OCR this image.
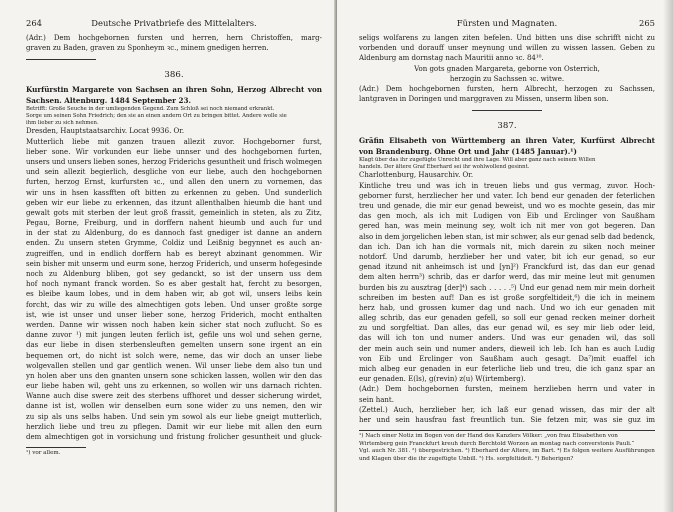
264	Deutsche Privatbriefe des Mittelalters.
(Adr.) Dem hochgebornen fursten und herren, hern Christoffen, marg-
graven zu Baden, graven zu Sponheym ꝛc., minem gnedigen herren.
386.
Kurfürstin Margarete von Sachsen an ihren Sohn, Herzog Albrecht von
Sachsen. Altenburg. 1484 September 23.
Betrifft: Große Seuche in der umliegenden Gegend. Zum Schloß sei noch niemand erkrankt.
Sorge um seinen Sohn Friedrich; den sie an einen andern Ort zu bringen bittet. Andere wolle sie
ihm lieber zu sich nehmen.
Dresden, Hauptstaatsarchiv. Locat 9936. Or.
Mutterlich liebe mit ganzen trauen allezit zuvor. Hochgeborner furst,
lieber sone. Wir vorkunden eur liebe unnser und des hochgebornen furten,
unsers und unsers lieben sones, herzog Friderichs gesuntheit und frisch wolmegen
und sein allezit begierlich, desgliche von eur liebe, auch den hochgebornen
furten, herzog Ernst, kurfursten ꝛc., und allen den unern zu vornemen, das
wir uns in hsen kassfften oft bitten zu erkennen zu geben. Und sunderlich
geben wir eur liebe zu erkennen, das itzunt allenthalben hieumb die hant und
gewalt gots mit sterben der leut groß frassit, gemeinlich in steten, als zu Zitz,
Pegau, Borne, Freiburg, und in dorffern nahent hieumb und auch fur und
in der stat zu Aldenburg, do es dannoch fast gnediger ist danne an andern
enden. Zu unsern steten Grymme, Coldiz und Leißnig begynnet es auch an-
zugreiffen, und in endlich dorffern hab es bereyt abzinant genommen. Wir
sein bisher mit unserm und eurm sone, herzog Friderich, und unserm hofegesinde
noch zu Aldenburg bliben, got sey gedanckt, so ist der unsern uss dem
hof noch nymant franck worden. So es aber gestalt hat, fercht zu besorgen,
es bleibe kaum lobes, und in dem haben wir, ab got wil, unsers leibs kein
forcht, das wir zu wille des almechtigen gots leben. Und unser großte sorge
ist, wie ist unser und unser lieber sone, herzog Friderich, mocht enthalten
werden. Danne wir wissen noch haben kein sicher stat noch zuflucht. So es
danne zuvor ¹) mit jungen leuten ferlich ist, gefile uns wol und sehen gerne,
das eur liebe in disen sterbensleuften gemelten unsern sone irgent an ein
bequemen ort, do nicht ist solch were, neme, das wir doch an unser liebe
wolgevallen stellen und gar gentlich wenen. Wil unser liebe dem also tun und
yn holen aber uns den gnanten unsern sone schicken lassen, wollen wir den das
eur liebe haben wil, geht uns zu erkennen, so wollen wir uns darnach richten.
Wanne auch dise swere zeit des sterbens uffhoret und desser sicherung wirdet,
danne ist ist, wollen wir denselben eurn sone wider zu uns nemen, den wir
zu sip als uns selbs haben. Und sein ym sowol als eur liebe gneigt mutterlich,
herzlich liebe und treu zu pflegen. Damit wir eur liebe mit allen den eurn
dem almechtigen got in vorsichung und fristung frolicher gesuntheit und gluck-
¹) vor allem.
Fürsten und Magnaten.	265
seligs wolfarens zu langen ziten befelen. Und bitten uns dise schrifft nicht zu
vorbenden und dorauff unser meynung und willen zu wissen lassen. Geben zu
Aldenburg am dornstag nach Mauritii anno ꝛc. 84¹⁰.
Von gots gnaden Margareta, geborne von Osterrich,
herzogin zu Sachssen ꝛc. witwe.
(Adr.) Dem hochgebornen fursten, hern Albrecht, herzogen zu Sachssen,
lantgraven in Doringen und marggraven zu Missen, unserm liben son.
387.
Gräfin Elisabeth von Württemberg an ihren Vater, Kurfürst Albrecht
von Brandenburg. Ohne Ort und Jahr (1485 Januar).¹)
Klagt über das ihr zugefügte Unrecht und ihre Lage. Will aber ganz nach seinem Willen
handeln. Der ältere Graf Eberhard sei ihr wohlwollend gesinnt.
Charlottenburg, Hausarchiv. Or.
Kintliche treu und was ich in treuen liebs und gus vermag, zuvor. Hoch-
geborner furst, herzliecher her und vater. Ich bend eur genaden der feterlichen
treu und genade, die mir eur genad beweist, und wo es mochte gesein, das mir
das gen moch, als ich mit Ludigen von Eib und Erclinger von Saußham
gered han, was mein meinung sey, wolt ich nit mer von got begeren. Dan
also in dem jorgelichen leben stan, ist mir schwer, als eur genad selb dad bedenck,
dan ich. Dan ich han die vormals nit, mich darein zu siken noch meiner
notdorf. Und darumb, herzlieber her und vater, bit ich eur genad, so eur
genad itzund nit anheimsch ist und [yn]²) Franckfurd ist, das dan eur genad
dem alten herrn³) schrib, das er darfor werd, das mir meine leut mit genumen
burden bis zu ausztrag [der]⁴) sach . . . . .⁵) Und eur genad nem mir mein dorheit
schreiben im besten auf! Dan es ist große sorgfeltideit,⁶) die ich in meinem
herz hab, und grossen kumer dag und nach. Und wo ich eur genaden mit
alleg schrib, das eur genaden gefell, so soll eur genad recken meiner dorheit
zu und sorgfeltiat. Dan alles, das eur genad wil, es sey mir lieb oder leid,
das will ich ton und numer anders. Und was eur genaden wil, das soll
der mein auch sein und numer anders, dieweil ich leb. Ich han es auch Ludig
von Eib und Erclinger von Saußham auch gesagt. Da⁷)mit euaffel ich
mich albeg eur genaden in eur feterliche lieb und treu, die ich ganz spar an
eur genaden. E(ls), g(revin) z(u) W(irtemberg).
(Adr.) Dem hochgebornen fursten, meinem herzlieben herrn und vater in
sein hant.
(Zettel.) Auch, herzlieber her, ich laß eur genad wissen, das mir der alt
her und sein hausfrau fast freuntlich tun. Sie fetzen mir, was sie guz im
¹) Nach einer Notiz im Bogen von der Hand des Kanzlers Völker: „von frau Elisabethen von
Wirtemberg gein Franckfurt kreuh durch Berchtold Worzen an montag nach converstonis Pauli.“
Vgl. auch Nr. 381. ²) übergestrichen. ³) Eberhard der Ältere, im Bart. ⁴) Es folgen weitere Ausführungen
und Klagen über die ihr zugefügte Unbill. ⁵) Hs. sorgfeltideit. ⁶) Beherigen?
